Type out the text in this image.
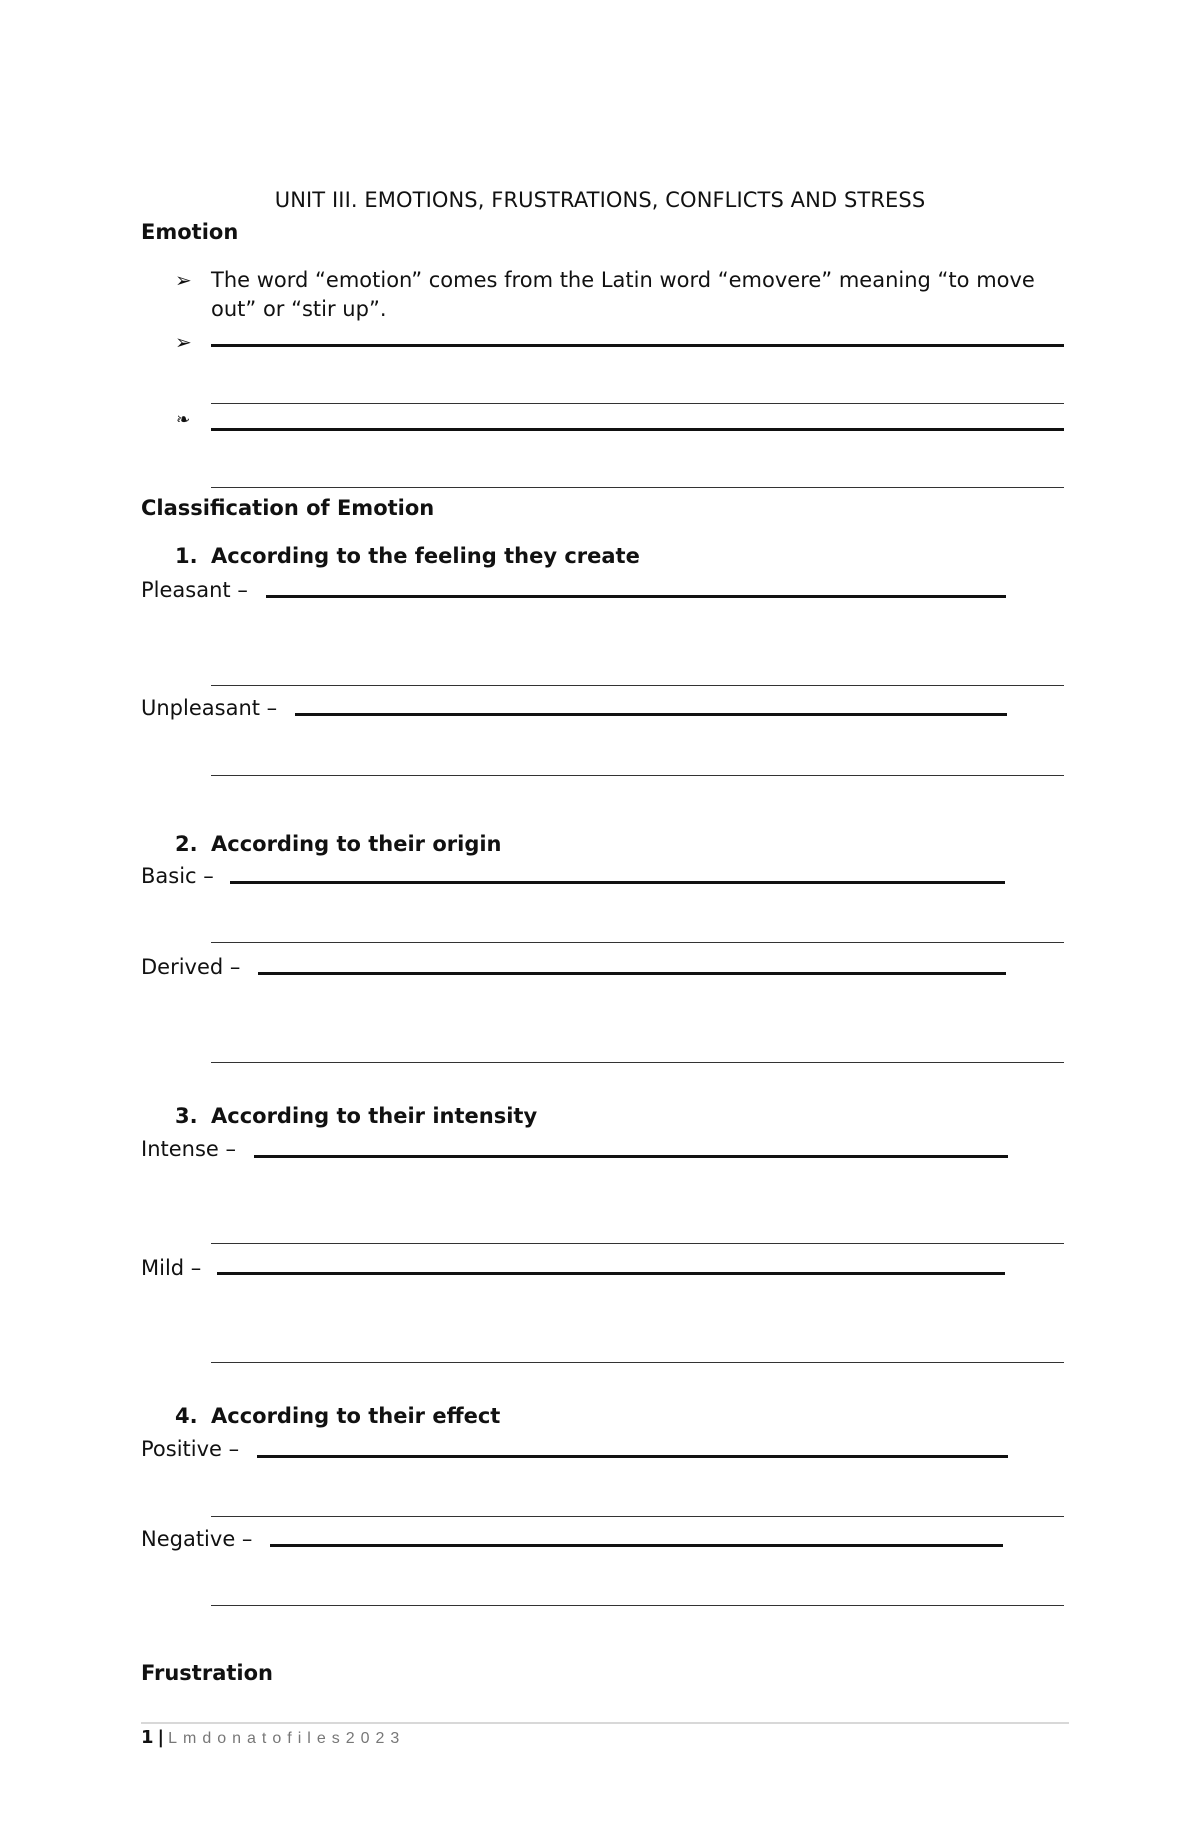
UNIT III. EMOTIONS, FRUSTRATIONS, CONFLICTS AND STRESS
Emotion
➢ The word “emotion” comes from the Latin word “emovere” meaning “to move
out” or “stir up”.
➢
❧
Classification of Emotion
1. According to the feeling they create
Pleasant –
Unpleasant –
2. According to their origin
Basic –
Derived –
3. According to their intensity
Intense –
Mild –
4. According to their effect
Positive –
Negative –
Frustration
1 | Lmdonatofiles2023
